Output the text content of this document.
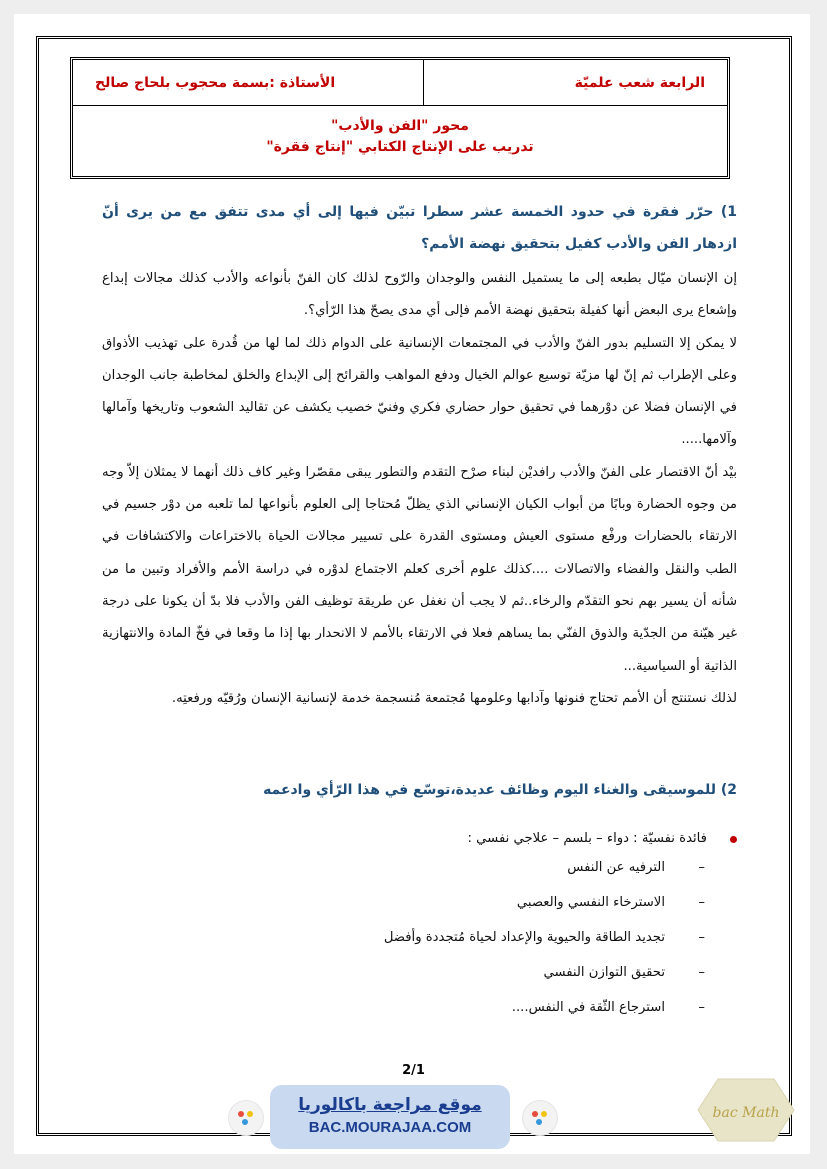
الرابعة شعب علميّة
الأستاذة :بسمة محجوب بلحاج صالح
محور "الفن والأدب"
تدريب على الإنتاج الكتابي "إنتاج فقرة"
1) حرّر فقرة في حدود الخمسة عشر سطرا تبيّن فيها إلى أي مدى تتفق مع من يرى أنّ ازدهار الفن والأدب كفيل بتحقيق نهضة الأمم؟
إن الإنسان ميّال بطبعه إلى ما يستميل النفس والوجدان والرّوح لذلك كان الفنّ بأنواعه والأدب كذلك مجالات إبداع وإشعاع يرى البعض أنها كفيلة بتحقيق نهضة الأمم فإلى أي مدى يصحّ هذا الرّأي؟.
لا يمكن إلا التسليم بدور الفنّ والأدب في المجتمعات الإنسانية على الدوام ذلك لما لها من قُدرة على تهذيب الأذواق وعلى الإطراب ثم إنّ لها مزيّة توسيع عوالم الخيال ودفع المواهب والقرائح إلى الإبداع والخلق لمخاطبة جانب الوجدان في الإنسان فضلا عن دوْرهما في تحقيق حوار حضاري فكري وفنيّ خصيب يكشف عن تقاليد الشعوب وتاريخها وآمالها وآلامها.....
بيْد أنّ الاقتصار على الفنّ والأدب رافديْن لبناء صرْح التقدم والتطور يبقى مقصّرا وغير كاف ذلك أنهما لا يمثلان إلاّ وجه من وجوه الحضارة وبابًا من أبواب الكيان الإنساني الذي يظلّ مُحتاجا إلى العلوم بأنواعها لما تلعبه من دوْر جسيم في الارتقاء بالحضارات ورفْع مستوى العيش ومستوى القدرة على تسيير مجالات الحياة بالاختراعات والاكتشافات في الطب والنقل والفضاء والاتصالات ....كذلك علوم أخرى كعلم الاجتماع لدوْره في دراسة الأمم والأفراد وتبين ما من شأنه أن يسير بهم نحو التقدّم والرخاء..ثم لا يجب أن نغفل عن طريقة توظيف الفن والأدب فلا بدّ أن يكونا على درجة غير هيّنة من الجدّية والذوق الفنّي بما يساهم فعلا في الارتقاء بالأمم لا الانحدار بها إذا ما وقعا في فخّ المادة والانتهازية الذاتية أو السياسية...
لذلك نستنتج أن الأمم تحتاج فنونها وآدابها وعلومها مُجتمعة مُنسجمة خدمة لإنسانية الإنسان ورُقيّه ورفعتِه.
2) للموسيقى والغناء اليوم وظائف عديدة،توسّع في هذا الرّأي وادعمه
فائدة نفسيّة : دواء – بلسم – علاجي نفسي :
–
الترفيه عن النفس
–
الاسترخاء النفسي والعصبي
–
تجديد الطاقة والحيوية والإعداد لحياة مُتجددة وأفضل
–
تحقيق التوازن النفسي
–
استرجاع الثّقة في النفس....
2/1
موقع مراجعة باكالوريا
BAC.MOURAJAA.COM
bac Math
